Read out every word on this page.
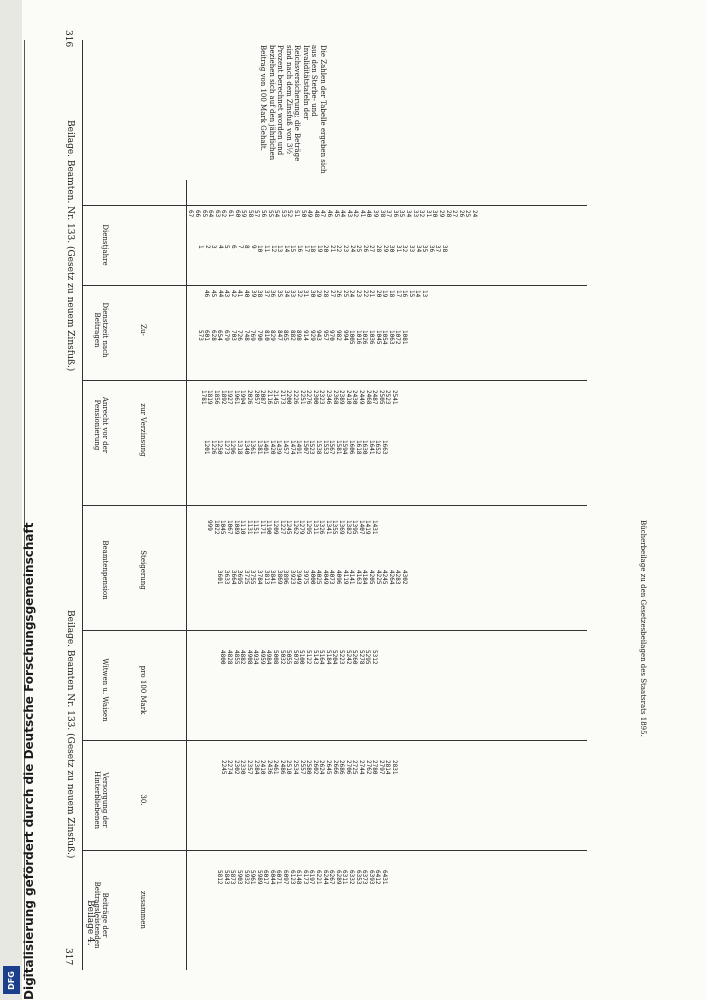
316
317
Beilage. Beamten. Nr. 133. (Gesetz zu neuem Zinsfuß.)
Beilage. Beamten Nr. 133. (Gesetz zu neuem Zinsfuß.)
Beilage 4.
Dienstjahre
Dienstzeit nach Beitragen
Anrecht vor der Pensionierung
Beamtenpension
Witwen u. Waisen
Versorgung der Hinterbliebenen
Beiträge der Beitragsleistenden
Zu-
zur Verzinsung
Steigerung
pro 100 Mark
30.
zusammen
Die Zahlen der Tabelle ergeben sich aus den Sterbe- und Invaliditätstafeln der Reichsversicherung; die Beträge sind nach dem Zinsfuß von 3½ Prozent berechnet worden und beziehen sich auf den jährlichen Beitrag von 100 Mark Gehalt.
24
25
26
27
28
29
30
31
32
33
34
35
36
37
38
39
40
41
42
43
44
45
46
47
48
49
50
51
52
53
54
55
56
57
58
59
60
61
62
63
64
65
66
67
38
37
36
35
34
33
32
31
30
29
28
27
26
25
24
23
22
21
20
19
18
17
16
15
14
13
12
11
10
9
8
7
6
5
4
3
2
1
13
14
15
16
17
18
19
20
21
22
23
24
25
26
27
28
29
30
31
32
33
34
35
36
37
38
39
40
41
42
43
44
45
46
1081
1072
1063
1054
1045
1036
1026
1016
1005
994
982
970
957
943
929
914
898
882
865
847
829
810
790
769
748
726
703
679
654
628
601
573
2541
2523
2505
2487
2468
2449
2430
2410
2389
2368
2346
2323
2300
2276
2251
2226
2200
2173
2145
2116
2087
2057
2026
1994
1961
1927
1892
1856
1819
1781
1663
1652
1641
1630
1618
1606
1594
1581
1567
1553
1538
1523
1507
1491
1474
1457
1439
1420
1401
1381
1361
1340
1318
1296
1273
1250
1226
1201
1431
1419
1407
1395
1382
1369
1355
1341
1326
1311
1295
1279
1262
1245
1227
1209
1190
1171
1151
1131
1110
1089
1067
1045
1022
999
4302
4283
4264
4245
4225
4205
4184
4163
4141
4119
4096
4073
4049
4025
4000
3975
3949
3923
3896
3869
3841
3813
3784
3755
3725
3695
3664
3633
3601
5312
5295
5278
5260
5242
5223
5204
5184
5164
5143
5122
5100
5078
5055
5032
5008
4984
4959
4934
4908
4882
4855
4828
4800
2831
2814
2797
2780
2762
2744
2725
2706
2686
2666
2645
2624
2602
2580
2557
2534
2510
2486
2461
2436
2410
2384
2357
2330
2302
2274
2245
6431
6412
6393
6373
6353
6332
6311
6289
6267
6244
6221
6197
6173
6148
6123
6097
6071
6044
6017
5989
5961
5932
5903
5873
5843
5812
Bücherbeilage zu den Gesetzesbeilagen des Staatsrats 1895.
Digitalisierung gefördert durch die Deutsche Forschungsgemeinschaft
DFG
